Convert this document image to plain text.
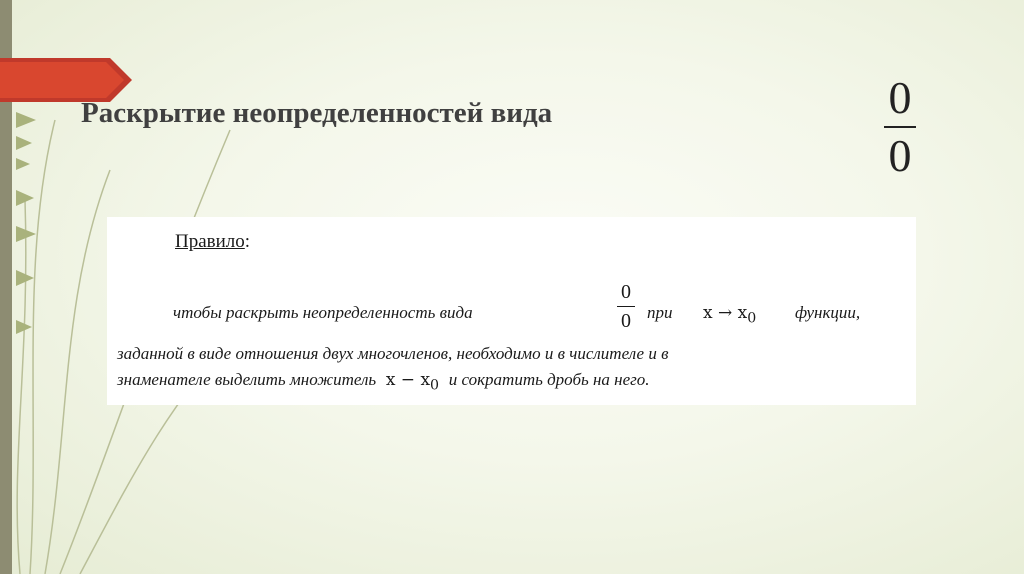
Раскрытие неопределенностей вида	0
0
Правило:
чтобы раскрыть неопределенность вида	при $x \to x_0$ функции,
0
0
заданной в виде отношения двух многочленов, необходимо и в числителе и в
знаменателе выделить множитель $x - x_0$ и сократить дробь на него.
